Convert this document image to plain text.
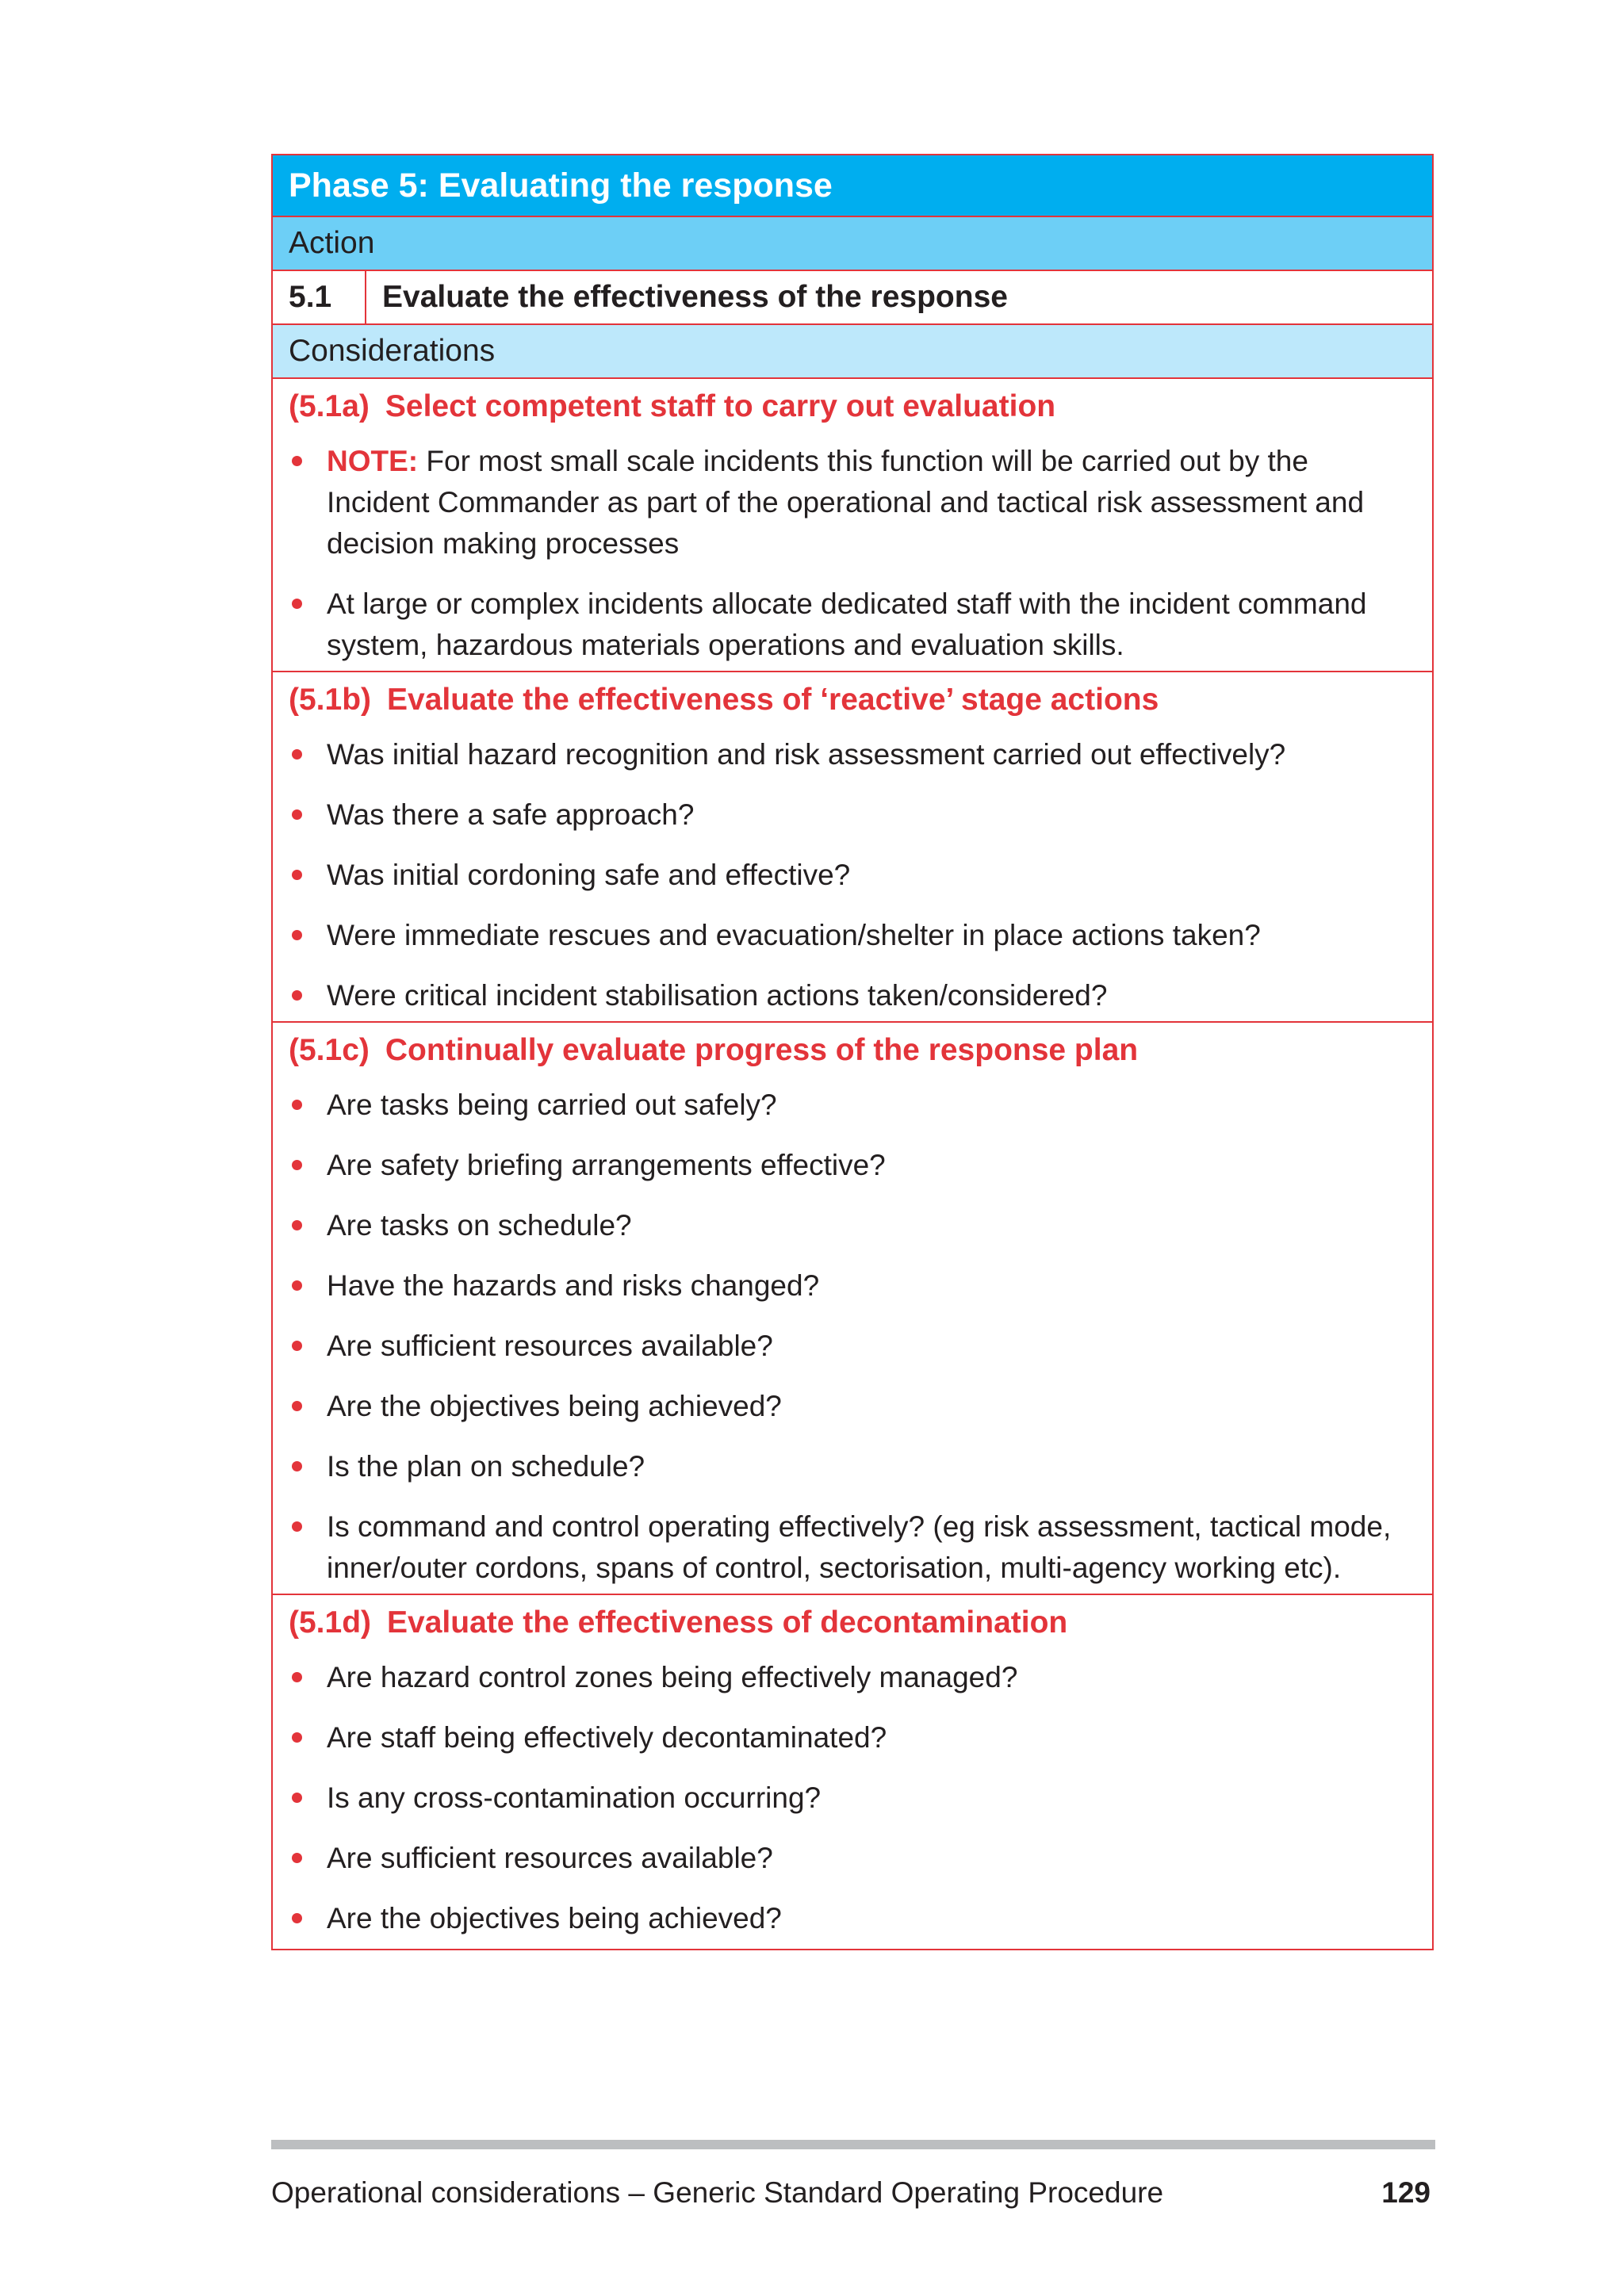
Phase 5: Evaluating the response
Action
5.1	Evaluate the effectiveness of the response
Considerations
(5.1a) Select competent staff to carry out evaluation
NOTE: For most small scale incidents this function will be carried out by the Incident Commander as part of the operational and tactical risk assessment and decision making processes
At large or complex incidents allocate dedicated staff with the incident command system, hazardous materials operations and evaluation skills.
(5.1b) Evaluate the effectiveness of ‘reactive’ stage actions
Was initial hazard recognition and risk assessment carried out effectively?
Was there a safe approach?
Was initial cordoning safe and effective?
Were immediate rescues and evacuation/shelter in place actions taken?
Were critical incident stabilisation actions taken/considered?
(5.1c) Continually evaluate progress of the response plan
Are tasks being carried out safely?
Are safety briefing arrangements effective?
Are tasks on schedule?
Have the hazards and risks changed?
Are sufficient resources available?
Are the objectives being achieved?
Is the plan on schedule?
Is command and control operating effectively? (eg risk assessment, tactical mode, inner/outer cordons, spans of control, sectorisation, multi-agency working etc).
(5.1d) Evaluate the effectiveness of decontamination
Are hazard control zones being effectively managed?
Are staff being effectively decontaminated?
Is any cross-contamination occurring?
Are sufficient resources available?
Are the objectives being achieved?
Operational considerations – Generic Standard Operating Procedure	129
